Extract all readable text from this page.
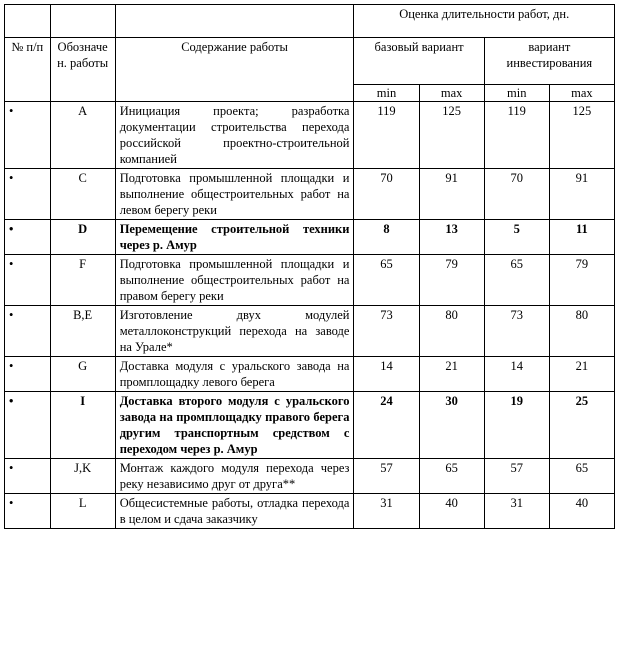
			Оценка длительности работ, дн.			
№ п/п	Обозначе н. работы	Содержание работы	базовый вариант		вариант инвестирования	
			min	max	min	max
•	A	Инициация проекта; разработка документации строительства перехода российской проектно-строительной компанией	119	125	119	125
•	C	Подготовка промышленной площадки и выполнение общестроительных работ на левом берегу реки	70	91	70	91
•	D	Перемещение строительной техники через р. Амур	8	13	5	11
•	F	Подготовка промышленной площадки и выполнение общестроительных работ на правом берегу реки	65	79	65	79
•	B,E	Изготовление двух модулей металлоконструкций перехода на заводе на Урале*	73	80	73	80
•	G	Доставка модуля с уральского завода на промплощадку левого берега	14	21	14	21
•	I	Доставка второго модуля с уральского завода на промплощадку правого берега другим транспортным средством с переходом через р. Амур	24	30	19	25
•	J,K	Монтаж каждого модуля перехода через реку независимо друг от друга**	57	65	57	65
•	L	Общесистемные работы, отладка перехода в целом и сдача заказчику	31	40	31	40
